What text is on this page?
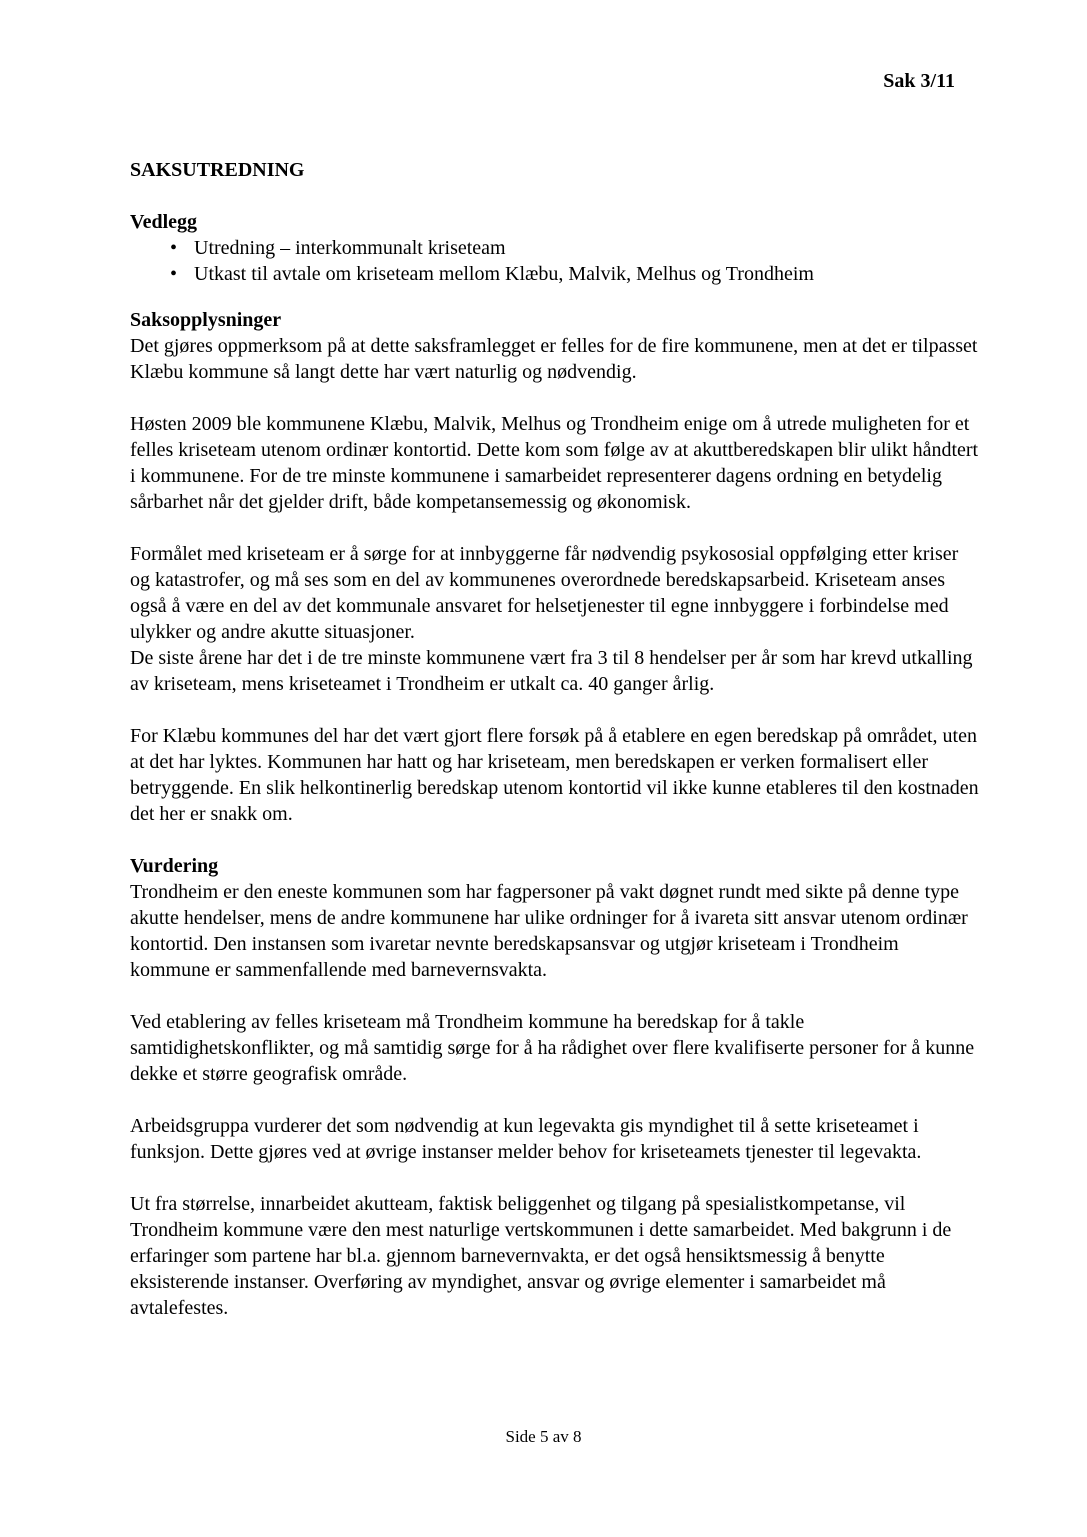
Sak 3/11

SAKSUTREDNING

Vedlegg

• Utredning – interkommunalt kriseteam
• Utkast til avtale om kriseteam mellom Klæbu, Malvik, Melhus og Trondheim

Saksopplysninger

Det gjøres oppmerksom på at dette saksframlegget er felles for de fire kommunene, men at det er tilpasset Klæbu kommune så langt dette har vært naturlig og nødvendig.

Høsten 2009 ble kommunene Klæbu, Malvik, Melhus og Trondheim enige om å utrede muligheten for et felles kriseteam utenom ordinær kontortid. Dette kom som følge av at akuttberedskapen blir ulikt håndtert i kommunene. For de tre minste kommunene i samarbeidet representerer dagens ordning en betydelig sårbarhet når det gjelder drift, både kompetansemessig og økonomisk.

Formålet med kriseteam er å sørge for at innbyggerne får nødvendig psykososial oppfølging etter kriser og katastrofer, og må ses som en del av kommunenes overordnede beredskapsarbeid. Kriseteam anses også å være en del av det kommunale ansvaret for helsetjenester til egne innbyggere i forbindelse med ulykker og andre akutte situasjoner.

De siste årene har det i de tre minste kommunene vært fra 3 til 8 hendelser per år som har krevd utkalling av kriseteam, mens kriseteamet i Trondheim er utkalt ca. 40 ganger årlig.

For Klæbu kommunes del har det vært gjort flere forsøk på å etablere en egen beredskap på området, uten at det har lyktes. Kommunen har hatt og har kriseteam, men beredskapen er verken formalisert eller betryggende. En slik helkontinerlig beredskap utenom kontortid vil ikke kunne etableres til den kostnaden det her er snakk om.

Vurdering

Trondheim er den eneste kommunen som har fagpersoner på vakt døgnet rundt med sikte på denne type akutte hendelser, mens de andre kommunene har ulike ordninger for å ivareta sitt ansvar utenom ordinær kontortid. Den instansen som ivaretar nevnte beredskapsansvar og utgjør kriseteam i Trondheim kommune er sammenfallende med barnevernsvakta.

Ved etablering av felles kriseteam må Trondheim kommune ha beredskap for å takle samtidighetskonflikter, og må samtidig sørge for å ha rådighet over flere kvalifiserte personer for å kunne dekke et større geografisk område.

Arbeidsgruppa vurderer det som nødvendig at kun legevakta gis myndighet til å sette kriseteamet i funksjon. Dette gjøres ved at øvrige instanser melder behov for kriseteamets tjenester til legevakta.

Ut fra størrelse, innarbeidet akutteam, faktisk beliggenhet og tilgang på spesialistkompetanse, vil Trondheim kommune være den mest naturlige vertskommunen i dette samarbeidet. Med bakgrunn i de erfaringer som partene har bl.a. gjennom barnevernvakta, er det også hensiktsmessig å benytte eksisterende instanser. Overføring av myndighet, ansvar og øvrige elementer i samarbeidet må avtalefestes.

Side 5 av 8
